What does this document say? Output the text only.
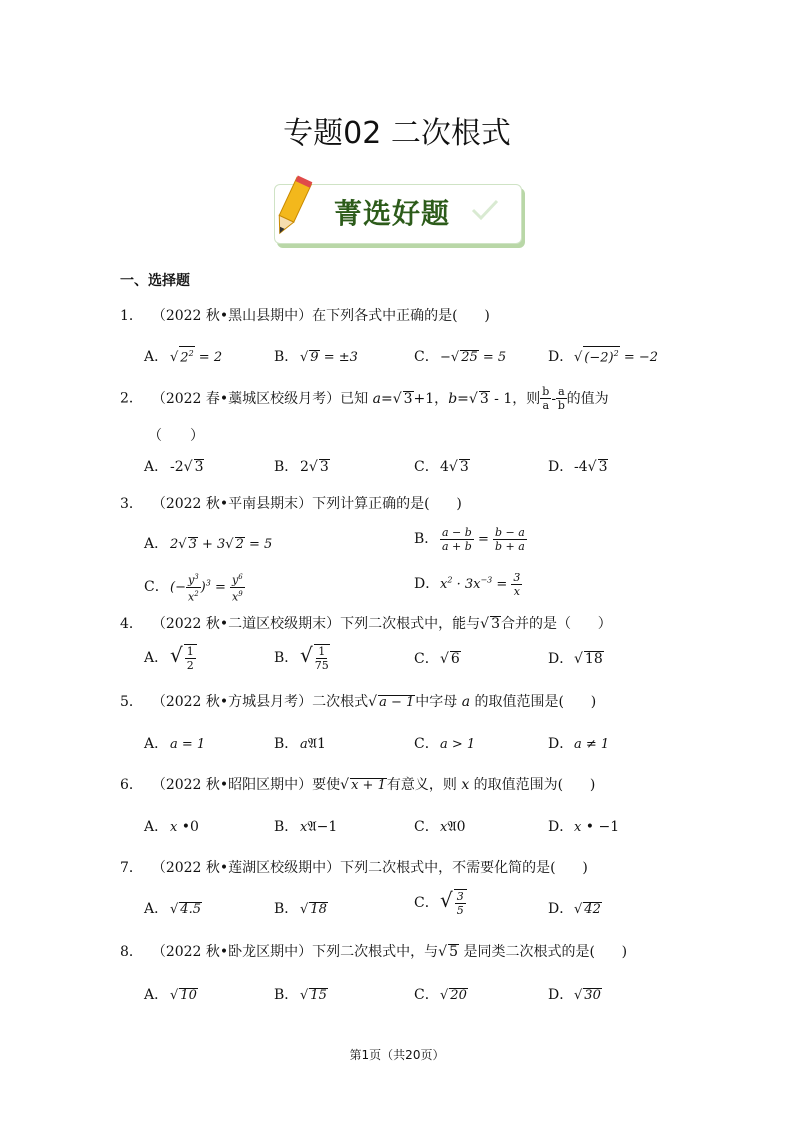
专题02 二次根式
菁选好题
一、选择题
1．  （2022 秋•黑山县期中）在下列各式中正确的是(      )
A． √ $2^2 = 2$	B． √ 9 = ±3	C．−√ 25 = 5	D．√ $(-2)^2 = -2$
2．  （2022 春•藁城区校级月考）已知 a=√ 3+1，b=√ 3 - 1，则 $\frac{b}{a} - \frac{a}{b}$ 的值为
（　　）
A． -2√ 3	B． 2√ 3	C．4√ 3	D．-4√ 3
3．  （2022 秋•平南县期末）下列计算正确的是(      )
A． 2√ 3 + 3√ 2 = 5	B． $\frac{a - b}{a + b} = \frac{b - a}{b + a}$
C．(− $\frac{y^3}{x^2} )^3 = \frac{y^6}{x^9}$	D．$x^2 \cdot 3x^{-3} = \frac{3}{x}$
4．  （2022 秋•二道区校级期末）下列二次根式中，能与√ 3合并的是（      ）
A．√ $\frac{1}{2}$	B．√ $\frac{1}{75}$	C．√ 6	D．√ 18
5．  （2022 秋•方城县月考）二次根式√ a − 1中字母 a 的取值范围是(      )
A． a = 1	B． a𝔄1	C．a > 1	D．a ≠ 1
6．  （2022 秋•昭阳区期中）要使√ x + 1有意义，则 x 的取值范围为(      )
A． x •0	B． x𝔄−1	C．x𝔄0	D．x • −1
7．  （2022 秋•莲湖区校级期中）下列二次根式中，不需要化简的是(      )
A． √ 4.5	B． √ 18	C．√ $\frac{3}{5}$	D．√ 42
8．  （2022 秋•卧龙区期中）下列二次根式中，与√ 5 是同类二次根式的是(      )
A． √ 10	B． √ 15	C．√ 20	D．√ 30
第1页（共20页）
